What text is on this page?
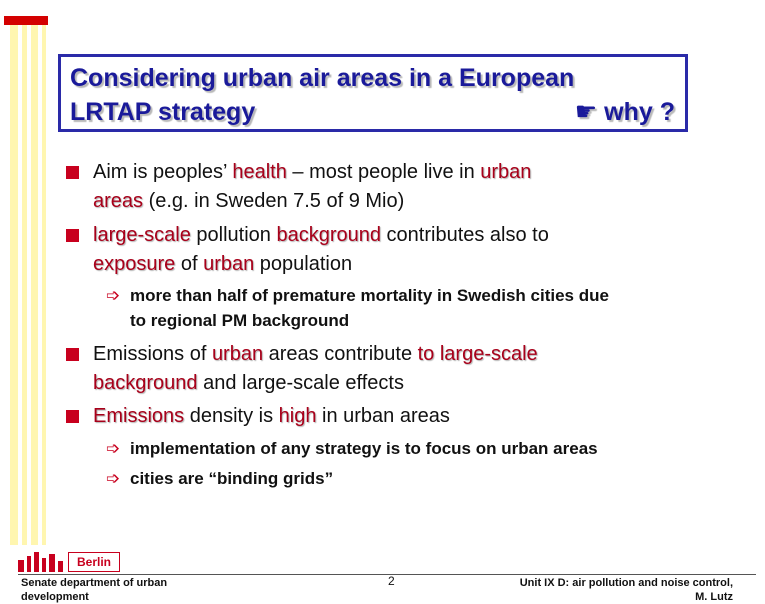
Considering urban air areas in a European
LRTAP strategy	☛ why ?
Aim is peoples’ health – most people live in urban
areas (e.g. in Sweden 7.5 of 9 Mio)
large-scale pollution background contributes also to
exposure of urban population
➩ more than half of premature mortality in Swedish cities due
to regional PM background
Emissions of urban areas contribute to large-scale
background and large-scale effects
Emissions density is high in urban areas
➩ implementation of any strategy is to focus on urban areas
➩ cities are “binding grids”
Berlin
Senate department of urban
development
2	Unit IX D: air pollution and noise control,
M. Lutz
